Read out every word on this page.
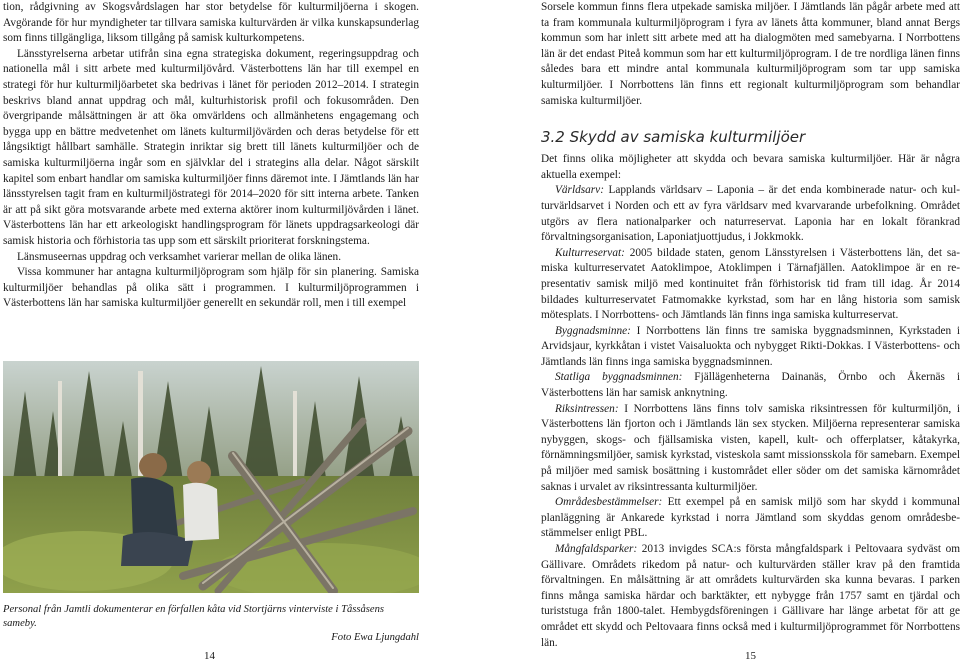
tion, rådgivning av Skogsvårdslagen har stor betydelse för kulturmiljöerna i skogen. Avgörande för hur myndigheter tar tillvara samiska kulturvärden är vilka kunskapsunderlag som finns tillgängliga, liksom tillgång på samisk kulturkompetens.

Länsstyrelserna arbetar utifrån sina egna strategiska dokument, regeringsuppdrag och nationella mål i sitt arbete med kulturmiljövård. Västerbottens län har till exempel en strategi för hur kulturmiljöarbetet ska bedrivas i länet för perioden 2012–2014. I strategin beskrivs bland annat uppdrag och mål, kulturhistorisk profil och fokusområden. Den övergripande målsättningen är att öka omvärldens och allmänhetens engagemang och bygga upp en bättre medvetenhet om länets kulturmiljövärden och deras betydelse för ett långsiktigt hållbart samhälle. Strategin inriktar sig brett till länets kulturmiljöer och de samiska kulturmiljöerna ingår som en självklar del i strategins alla delar. Något särskilt kapitel som enbart handlar om samiska kulturmiljöer finns däremot inte. I Jämtlands län har länsstyrelsen tagit fram en kulturmiljöstrategi för 2014–2020 för sitt interna arbete. Tanken är att på sikt göra motsvarande arbete med externa aktörer inom kulturmiljövården i länet. Västerbottens län har ett arkeologiskt handlingsprogram för länets uppdragsarkeologi där samisk historia och förhistoria tas upp som ett särskilt prioriterat forskningstema.

Länsmuseernas uppdrag och verksamhet varierar mellan de olika länen.

Vissa kommuner har antagna kulturmiljöprogram som hjälp för sin planering. Samiska kulturmiljöer behandlas på olika sätt i programmen. I kulturmiljöprogrammen i Västerbottens län har samiska kulturmiljöer generellt en sekundär roll, men i till exempel

Personal från Jamtli dokumenterar en förfallen kåta vid Stortjärns vinterviste i Tåssåsens sameby.
Foto Ewa Ljungdahl
14

Sorsele kommun finns flera utpekade samiska miljöer. I Jämtlands län pågår arbete med att ta fram kommunala kulturmiljöprogram i fyra av länets åtta kommuner, bland annat Bergs kommun som har inlett sitt arbete med att ha dialogmöten med samebyarna. I Norrbottens län är det endast Piteå kommun som har ett kulturmiljöprogram. I de tre nordliga länen finns således bara ett mindre antal kommunala kulturmiljöprogram som tar upp samiska kulturmiljöer. I Norrbottens län finns ett regionalt kulturmiljöprogram som behandlar samiska kulturmiljöer.

3.2 Skydd av samiska kulturmiljöer

Det finns olika möjligheter att skydda och bevara samiska kulturmiljöer. Här är några aktuella exempel:

Världsarv: Lapplands världsarv – Laponia – är det enda kombinerade natur- och kulturvärldsarvet i Norden och ett av fyra världsarv med kvarvarande urbefolkning. Området utgörs av flera nationalparker och naturreservat. Laponia har en lokalt förankrad förvaltningsorganisation, Laponiatjuottjudus, i Jokkmokk.

Kulturreservat: 2005 bildade staten, genom Länsstyrelsen i Västerbottens län, det samiska kulturreservatet Aatoklimpoe, Atoklimpen i Tärnafjällen. Aatoklimpoe är en representativ samisk miljö med kontinuitet från förhistorisk tid fram till idag. År 2014 bildades kulturreservatet Fatmomakke kyrkstad, som har en lång historia som samisk mötesplats. I Norrbottens- och Jämtlands län finns inga samiska kulturreservat.

Byggnadsminne: I Norrbottens län finns tre samiska byggnadsminnen, Kyrkstaden i Arvidsjaur, kyrkkåtan i vistet Vaisaluokta och nybygget Rikti-Dokkas. I Västerbottens- och Jämtlands län finns inga samiska byggnadsminnen.

Statliga byggnadsminnen: Fjällägenheterna Dainanäs, Örnbo och Åkernäs i Västerbottens län har samisk anknytning.

Riksintressen: I Norrbottens läns finns tolv samiska riksintressen för kulturmiljön, i Västerbottens län fjorton och i Jämtlands län sex stycken. Miljöerna representerar samiska nybyggen, skogs- och fjällsamiska visten, kapell, kult- och offerplatser, kåtakyrka, förnämningsmiljöer, samisk kyrkstad, visteskola samt missionsskola för samebarn. Exempel på miljöer med samisk bosättning i kustområdet eller söder om det samiska kärnområdet saknas i urvalet av riksintressanta kulturmiljöer.

Områdesbestämmelser: Ett exempel på en samisk miljö som har skydd i kommunal planläggning är Ankarede kyrkstad i norra Jämtland som skyddas genom områdesbestämmelser enligt PBL.

Mångfaldsparker: 2013 invigdes SCA:s första mångfaldspark i Peltovaara sydväst om Gällivare. Områdets rikedom på natur- och kulturvärden ställer krav på den framtida förvaltningen. En målsättning är att områdets kulturvärden ska kunna bevaras. I parken finns många samiska härdar och barktäkter, ett nybygge från 1757 samt en tjärdal och turiststuga från 1800-talet. Hembygdsföreningen i Gällivare har länge arbetat för att ge området ett skydd och Peltovaara finns också med i kulturmiljöprogrammet för Norrbottens län.

15
